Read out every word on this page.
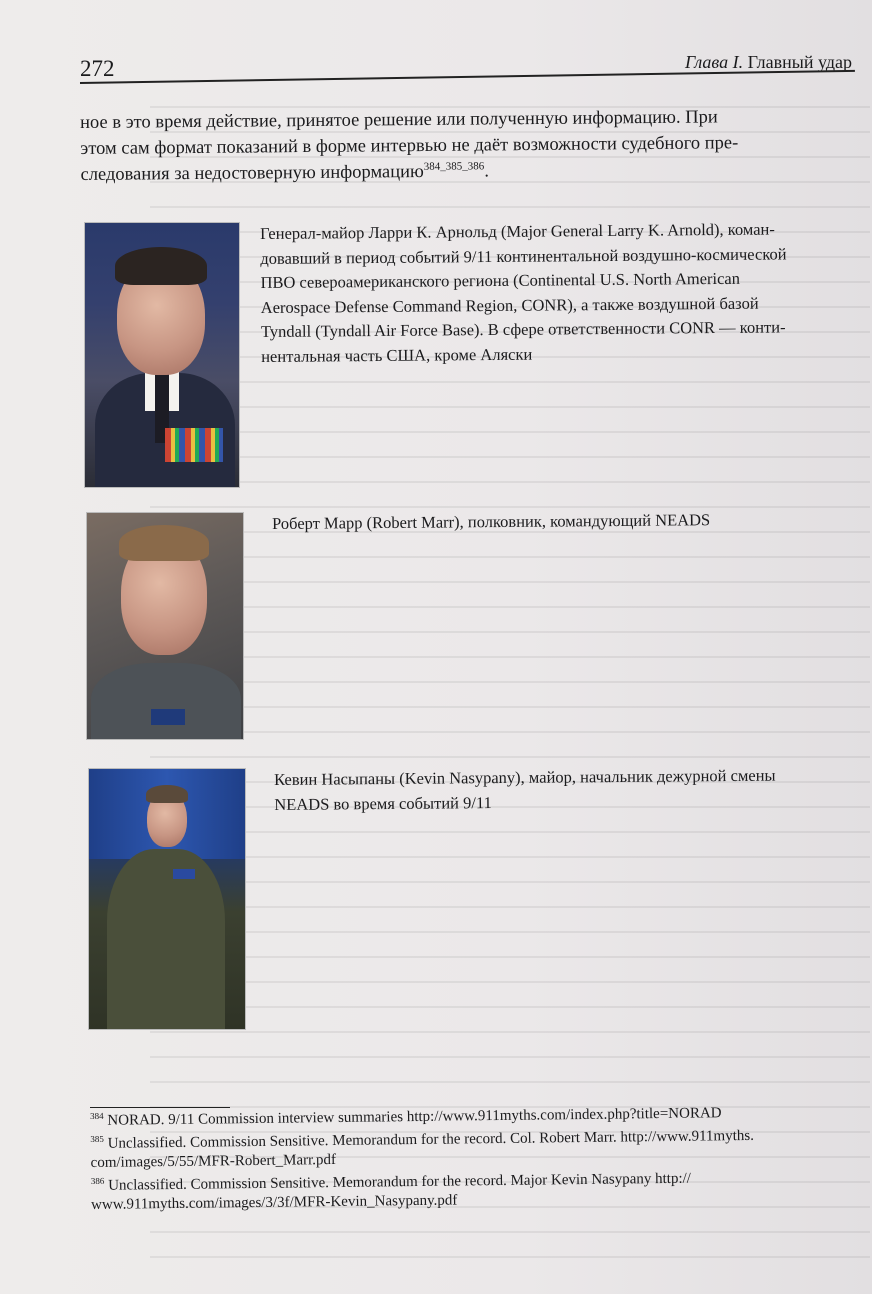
272	Глава I. Главный удар

ное в это время действие, принятое решение или полученную информацию. При

этом сам формат показаний в форме интервью не даёт возможности судебного пре-

следования за недостоверную информацию$^{384\_385\_386}$.

Генерал-майор Ларри К. Арнольд (Major General Larry K. Arnold), коман-
довавший в период событий 9/11 континентальной воздушно-космической
ПВО североамериканского региона (Continental U.S. North American
Aerospace Defense Command Region, CONR), а также воздушной базой
Tyndall (Tyndall Air Force Base). В сфере ответственности CONR — конти-
нентальная часть США, кроме Аляски
Роберт Марр (Robert Marr), полковник, командующий NEADS
Кевин Насыпаны (Kevin Nasypany), майор, начальник дежурной смены
NEADS во время событий 9/11

$^{384}$ NORAD. 9/11 Commission interview summaries http://www.911myths.com/index.php?title=NORAD

$^{385}$ Unclassified. Commission Sensitive. Memorandum for the record. Col. Robert Marr. http://www.911myths.
com/images/5/55/MFR-Robert_Marr.pdf

$^{386}$ Unclassified. Commission Sensitive. Memorandum for the record. Major Kevin Nasypany http://
www.911myths.com/images/3/3f/MFR-Kevin_Nasypany.pdf
